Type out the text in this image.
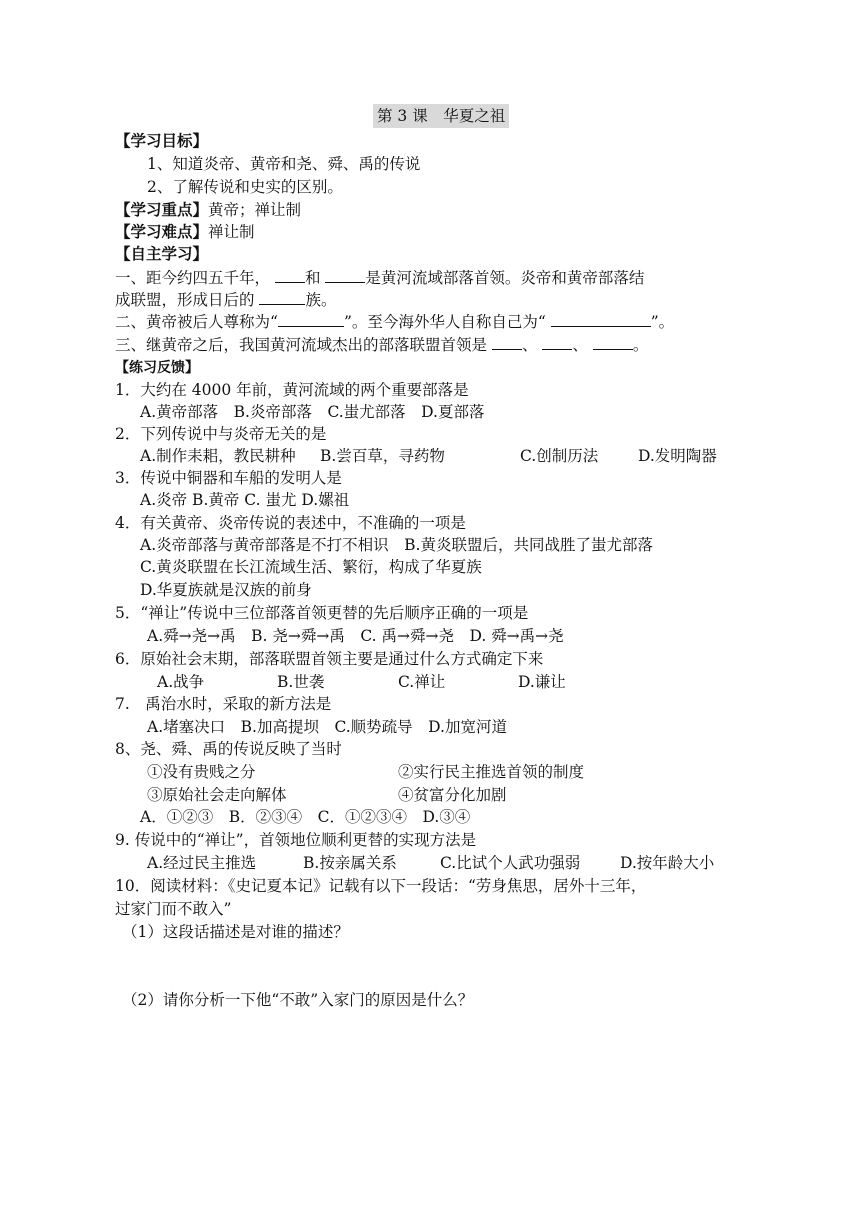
第 3 课　华夏之祖
【学习目标】
1、知道炎帝、黄帝和尧、舜、禹的传说
2、了解传说和史实的区别。
【学习重点】黄帝；禅让制
【学习难点】禅让制
【自主学习】
一、距今约四五千年， 和	是黄河流域部落首领。炎帝和黄帝部落结
成联盟，形成日后的	族。
二、黄帝被后人尊称为“	”。至今海外华人自称自己为“	”。
三、继黄帝之后，我国黄河流域杰出的部落联盟首领是 、 、	。
【练习反馈】
1．大约在 4000 年前，黄河流域的两个重要部落是
A.黄帝部落　B.炎帝部落　C.蚩尤部落　D.夏部落
2．下列传说中与炎帝无关的是
A.制作耒耜，教民耕种 B.尝百草，寻药物	C.创制历法	D.发明陶器
3．传说中铜器和车船的发明人是
A.炎帝 B.黄帝 C. 蚩尤 D.嫘祖
4．有关黄帝、炎帝传说的表述中，不准确的一项是
A.炎帝部落与黄帝部落是不打不相识　B.黄炎联盟后，共同战胜了蚩尤部落
C.黄炎联盟在长江流域生活、繁衍，构成了华夏族
D.华夏族就是汉族的前身
5．“禅让”传说中三位部落首领更替的先后顺序正确的一项是
A.舜→尧→禹　B. 尧→舜→禹　C. 禹→舜→尧　D. 舜→禹→尧
6．原始社会末期，部落联盟首领主要是通过什么方式确定下来
A.战争	B.世袭	C.禅让	D.谦让
7.　禹治水时，采取的新方法是
A.堵塞决口　B.加高提坝　C.顺势疏导　D.加宽河道
8、尧、舜、禹的传说反映了当时
①没有贵贱之分	②实行民主推选首领的制度
③原始社会走向解体	④贫富分化加剧
A．①②③　B．②③④　C．①②③④　D.③④
9. 传说中的“禅让”，首领地位顺利更替的实现方法是
A.经过民主推选	B.按亲属关系	C.比试个人武功强弱	D.按年龄大小
10．阅读材料：《史记夏本记》记载有以下一段话：“劳身焦思，居外十三年，
过家门而不敢入”
（1）这段话描述是对谁的描述？
（2）请你分析一下他“不敢”入家门的原因是什么？
